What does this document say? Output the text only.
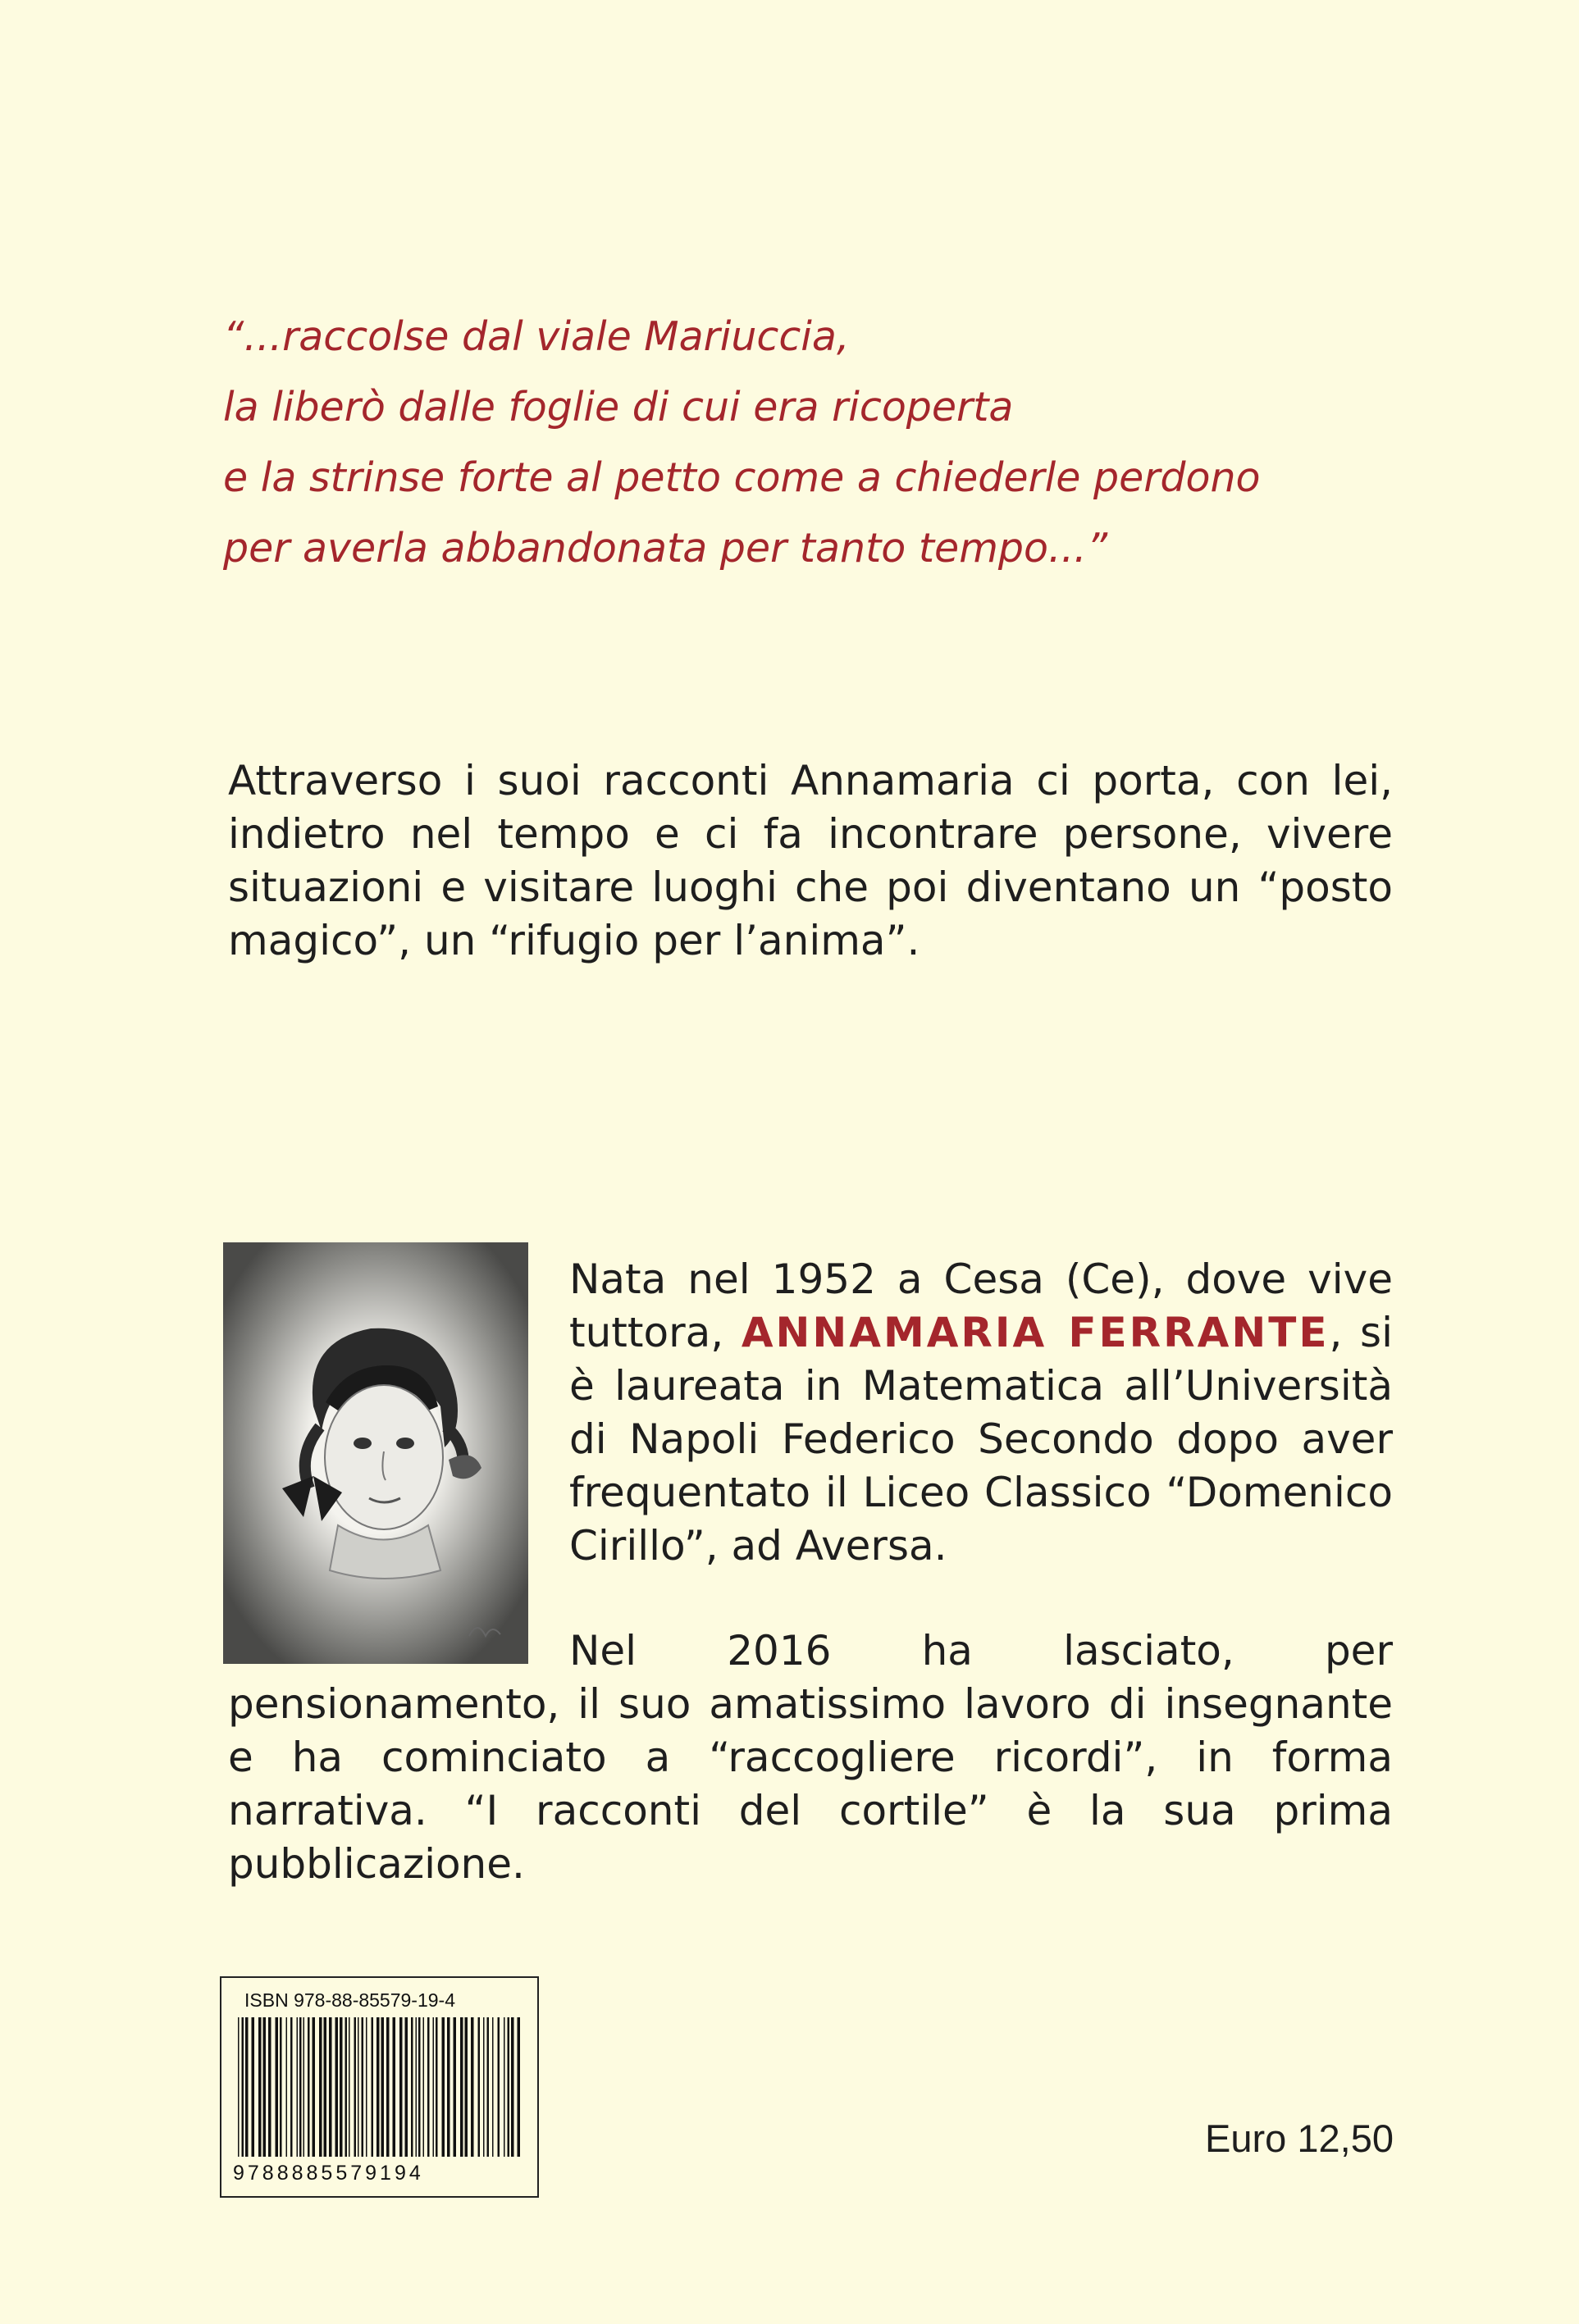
“...raccolse dal viale Mariuccia,
la liberò dalle foglie di cui era ricoperta
e la strinse forte al petto come a chiederle perdono
per averla abbandonata per tanto tempo...”

Attraverso i suoi racconti Annamaria ci porta, con lei, indietro nel tempo e ci fa incontrare persone, vivere situazioni e visitare luoghi che poi diventano un “posto magico”, un “rifugio per l’anima”.

Nata nel 1952 a Cesa (Ce), dove vive tuttora, ANNAMARIA FERRANTE, si è laureata in Matematica all’Università di Napoli Federico Secondo dopo aver frequentato il Liceo Classico “Domenico Cirillo”, ad Aversa.

Nel 2016 ha lasciato, per pensionamento, il suo amatissimo lavoro di insegnante e ha cominciato a “raccogliere ricordi”, in forma narrativa. “I racconti del cortile” è la sua prima pubblicazione.

ISBN 978-88-85579-19-4
9788885579194
Euro 12,50
